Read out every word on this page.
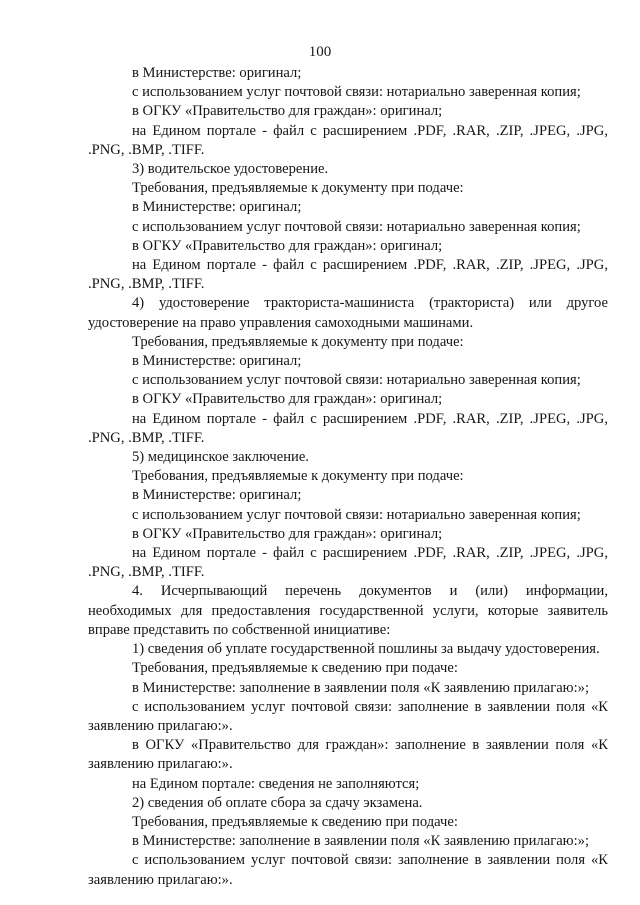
100

в Министерстве: оригинал;

с использованием услуг почтовой связи: нотариально заверенная копия;

в ОГКУ «Правительство для граждан»: оригинал;

на Едином портале - файл с расширением .PDF, .RAR, .ZIP, .JPEG, .JPG, .PNG, .BMP, .TIFF.

3) водительское удостоверение.

Требования, предъявляемые к документу при подаче:

в Министерстве: оригинал;

с использованием услуг почтовой связи: нотариально заверенная копия;

в ОГКУ «Правительство для граждан»: оригинал;

на Едином портале - файл с расширением .PDF, .RAR, .ZIP, .JPEG, .JPG, .PNG, .BMP, .TIFF.

4) удостоверение тракториста-машиниста (тракториста) или другое удостоверение на право управления самоходными машинами.

Требования, предъявляемые к документу при подаче:

в Министерстве: оригинал;

с использованием услуг почтовой связи: нотариально заверенная копия;

в ОГКУ «Правительство для граждан»: оригинал;

на Едином портале - файл с расширением .PDF, .RAR, .ZIP, .JPEG, .JPG, .PNG, .BMP, .TIFF.

5) медицинское заключение.

Требования, предъявляемые к документу при подаче:

в Министерстве: оригинал;

с использованием услуг почтовой связи: нотариально заверенная копия;

в ОГКУ «Правительство для граждан»: оригинал;

на Едином портале - файл с расширением .PDF, .RAR, .ZIP, .JPEG, .JPG, .PNG, .BMP, .TIFF.

4. Исчерпывающий перечень документов и (или) информации, необходимых для предоставления государственной услуги, которые заявитель вправе представить по собственной инициативе:

1) сведения об уплате государственной пошлины за выдачу удостоверения.

Требования, предъявляемые к сведению при подаче:

в Министерстве: заполнение в заявлении поля «К заявлению прилагаю:»;

с использованием услуг почтовой связи: заполнение в заявлении поля «К заявлению прилагаю:».

в ОГКУ «Правительство для граждан»: заполнение в заявлении поля «К заявлению прилагаю:».

на Едином портале: сведения не заполняются;

2) сведения об оплате сбора за сдачу экзамена.

Требования, предъявляемые к сведению при подаче:

в Министерстве: заполнение в заявлении поля «К заявлению прилагаю:»;

с использованием услуг почтовой связи: заполнение в заявлении поля «К заявлению прилагаю:».
